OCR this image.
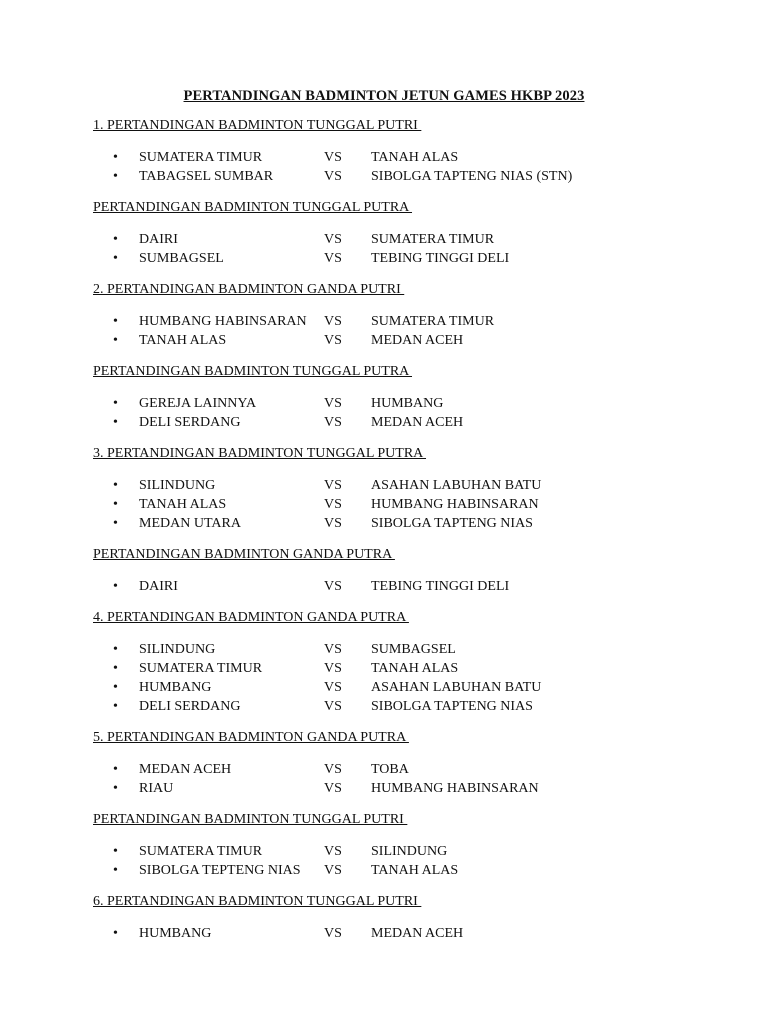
PERTANDINGAN BADMINTON JETUN GAMES HKBP 2023
1. PERTANDINGAN BADMINTON TUNGGAL PUTRI
• SUMATERA TIMUR	VS TANAH ALAS
• TABAGSEL SUMBAR	VS SIBOLGA TAPTENG NIAS (STN)
PERTANDINGAN BADMINTON TUNGGAL PUTRA
• DAIRI	VS SUMATERA TIMUR
• SUMBAGSEL	VS TEBING TINGGI DELI
2. PERTANDINGAN BADMINTON GANDA PUTRI
• HUMBANG HABINSARAN VS SUMATERA TIMUR
• TANAH ALAS	VS MEDAN ACEH
PERTANDINGAN BADMINTON TUNGGAL PUTRA
• GEREJA LAINNYA	VS HUMBANG
• DELI SERDANG	VS MEDAN ACEH
3. PERTANDINGAN BADMINTON TUNGGAL PUTRA
• SILINDUNG	VS ASAHAN LABUHAN BATU
• TANAH ALAS	VS HUMBANG HABINSARAN
• MEDAN UTARA	VS SIBOLGA TAPTENG NIAS
PERTANDINGAN BADMINTON GANDA PUTRA
• DAIRI	VS TEBING TINGGI DELI
4. PERTANDINGAN BADMINTON GANDA PUTRA
• SILINDUNG	VS SUMBAGSEL
• SUMATERA TIMUR	VS TANAH ALAS
• HUMBANG	VS ASAHAN LABUHAN BATU
• DELI SERDANG	VS SIBOLGA TAPTENG NIAS
5. PERTANDINGAN BADMINTON GANDA PUTRA
• MEDAN ACEH	VS TOBA
• RIAU	VS HUMBANG HABINSARAN
PERTANDINGAN BADMINTON TUNGGAL PUTRI
• SUMATERA TIMUR	VS SILINDUNG
• SIBOLGA TEPTENG NIAS VS TANAH ALAS
6. PERTANDINGAN BADMINTON TUNGGAL PUTRI
• HUMBANG	VS MEDAN ACEH
